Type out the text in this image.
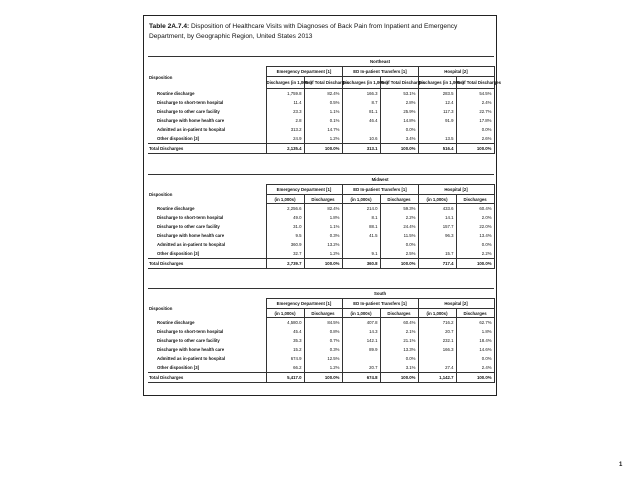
Table 2A.7.4: Disposition of Healthcare Visits with Diagnoses of Back Pain from Inpatient and Emergency Department, by Geographic Region, United States 2013
	Northeast					
Disposition	Emergency Department [1]		ED In-patient Transfers [1]		Hospital [2]	
	Discharges (in 1,000s)	% of Total Discharges	Discharges (in 1,000s)	% of Total Discharges	Discharges (in 1,000s)	% of Total Discharges
Routine discharge	1,759.8	82.4%	166.3	53.1%	283.5	54.5%
Discharge to short-term hospital	11.4	0.5%	8.7	2.8%	12.4	2.4%
Discharge to other care facility	23.3	1.1%	81.1	25.9%	117.3	22.7%
Discharge with home health care	2.8	0.1%	46.4	14.8%	91.9	17.8%
Admitted as in-patient to hospital	313.2	14.7%		0.0%		0.0%
Other disposition [3]	24.9	1.2%	10.6	3.4%	13.5	2.6%
Total Discharges	2,135.4	100.0%	313.1	100.0%	516.4	100.0%
	Midwest					
Disposition	Emergency Department [1]		ED In-patient Transfers [1]		Hospital [2]	
	(in 1,000s)	Discharges	(in 1,000s)	Discharges	(in 1,000s)	Discharges
Routine discharge	2,256.6	82.4%	214.0	59.3%	433.6	60.4%
Discharge to short-term hospital	49.0	1.8%	8.1	2.2%	14.1	2.0%
Discharge to other care facility	31.0	1.1%	88.1	24.4%	157.7	22.0%
Discharge with home health care	9.5	0.3%	41.5	11.5%	96.3	13.4%
Admitted as in-patient to hospital	360.9	13.2%		0.0%		0.0%
Other disposition [3]	32.7	1.2%	9.1	2.5%	15.7	2.2%
Total Discharges	2,739.7	100.0%	360.8	100.0%	717.4	100.0%
	South					
Disposition	Emergency Department [1]		ED In-patient Transfers [1]		Hospital [2]	
	(in 1,000s)	Discharges	(in 1,000s)	Discharges	(in 1,000s)	Discharges
Routine discharge	4,580.0	84.5%	407.8	60.4%	716.2	62.7%
Discharge to short-term hospital	45.4	0.8%	14.3	2.1%	20.7	1.8%
Discharge to other care facility	35.3	0.7%	142.1	21.1%	232.1	18.4%
Discharge with home health care	15.2	0.3%	89.9	13.3%	166.3	14.6%
Admitted as in-patient to hospital	674.9	12.5%		0.0%		0.0%
Other disposition [3]	66.2	1.2%	20.7	3.1%	27.4	2.4%
Total Discharges	5,417.0	100.0%	674.8	100.0%	1,142.7	100.0%
1
